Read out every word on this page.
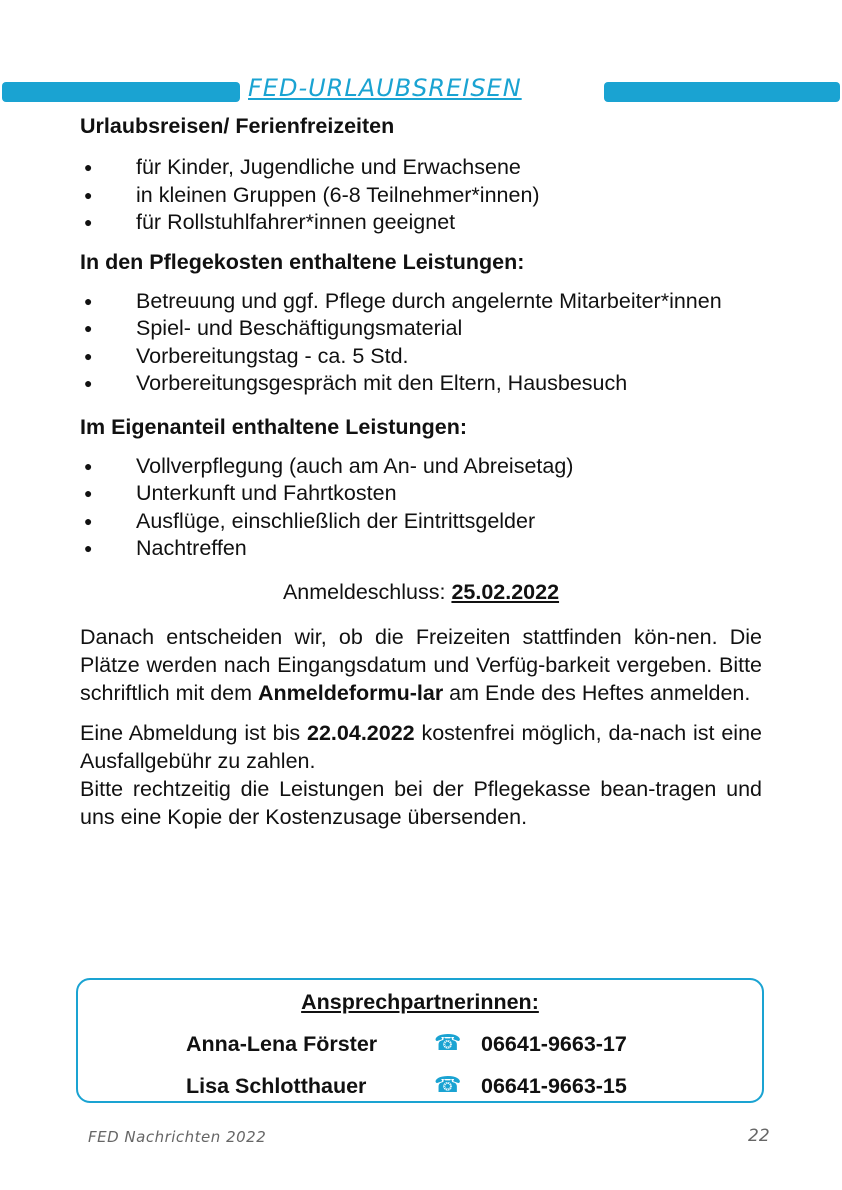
FED-URLAUBSREISEN
Urlaubsreisen/ Ferienfreizeiten
● für Kinder, Jugendliche und Erwachsene
● in kleinen Gruppen (6-8 Teilnehmer*innen)
● für Rollstuhlfahrer*innen geeignet
In den Pflegekosten enthaltene Leistungen:
● Betreuung und ggf. Pflege durch angelernte Mitarbeiter*innen
● Spiel- und Beschäftigungsmaterial
● Vorbereitungstag - ca. 5 Std.
● Vorbereitungsgespräch mit den Eltern, Hausbesuch
Im Eigenanteil enthaltene Leistungen:
● Vollverpflegung (auch am An- und Abreisetag)
● Unterkunft und Fahrtkosten
● Ausflüge, einschließlich der Eintrittsgelder
● Nachtreffen
Anmeldeschluss: 25.02.2022

Danach entscheiden wir, ob die Freizeiten stattfinden kön-nen. Die Plätze werden nach Eingangsdatum und Verfüg-barkeit vergeben. Bitte schriftlich mit dem Anmeldeformu-lar am Ende des Heftes anmelden.

Eine Abmeldung ist bis 22.04.2022 kostenfrei möglich, da-nach ist eine Ausfallgebühr zu zahlen.
Bitte rechtzeitig die Leistungen bei der Pflegekasse bean-tragen und uns eine Kopie der Kostenzusage übersenden.

Ansprechpartnerinnen:
Anna-Lena Förster	☎ 06641-9663-17
Lisa Schlotthauer	☎ 06641-9663-15
FED Nachrichten 2022	22
